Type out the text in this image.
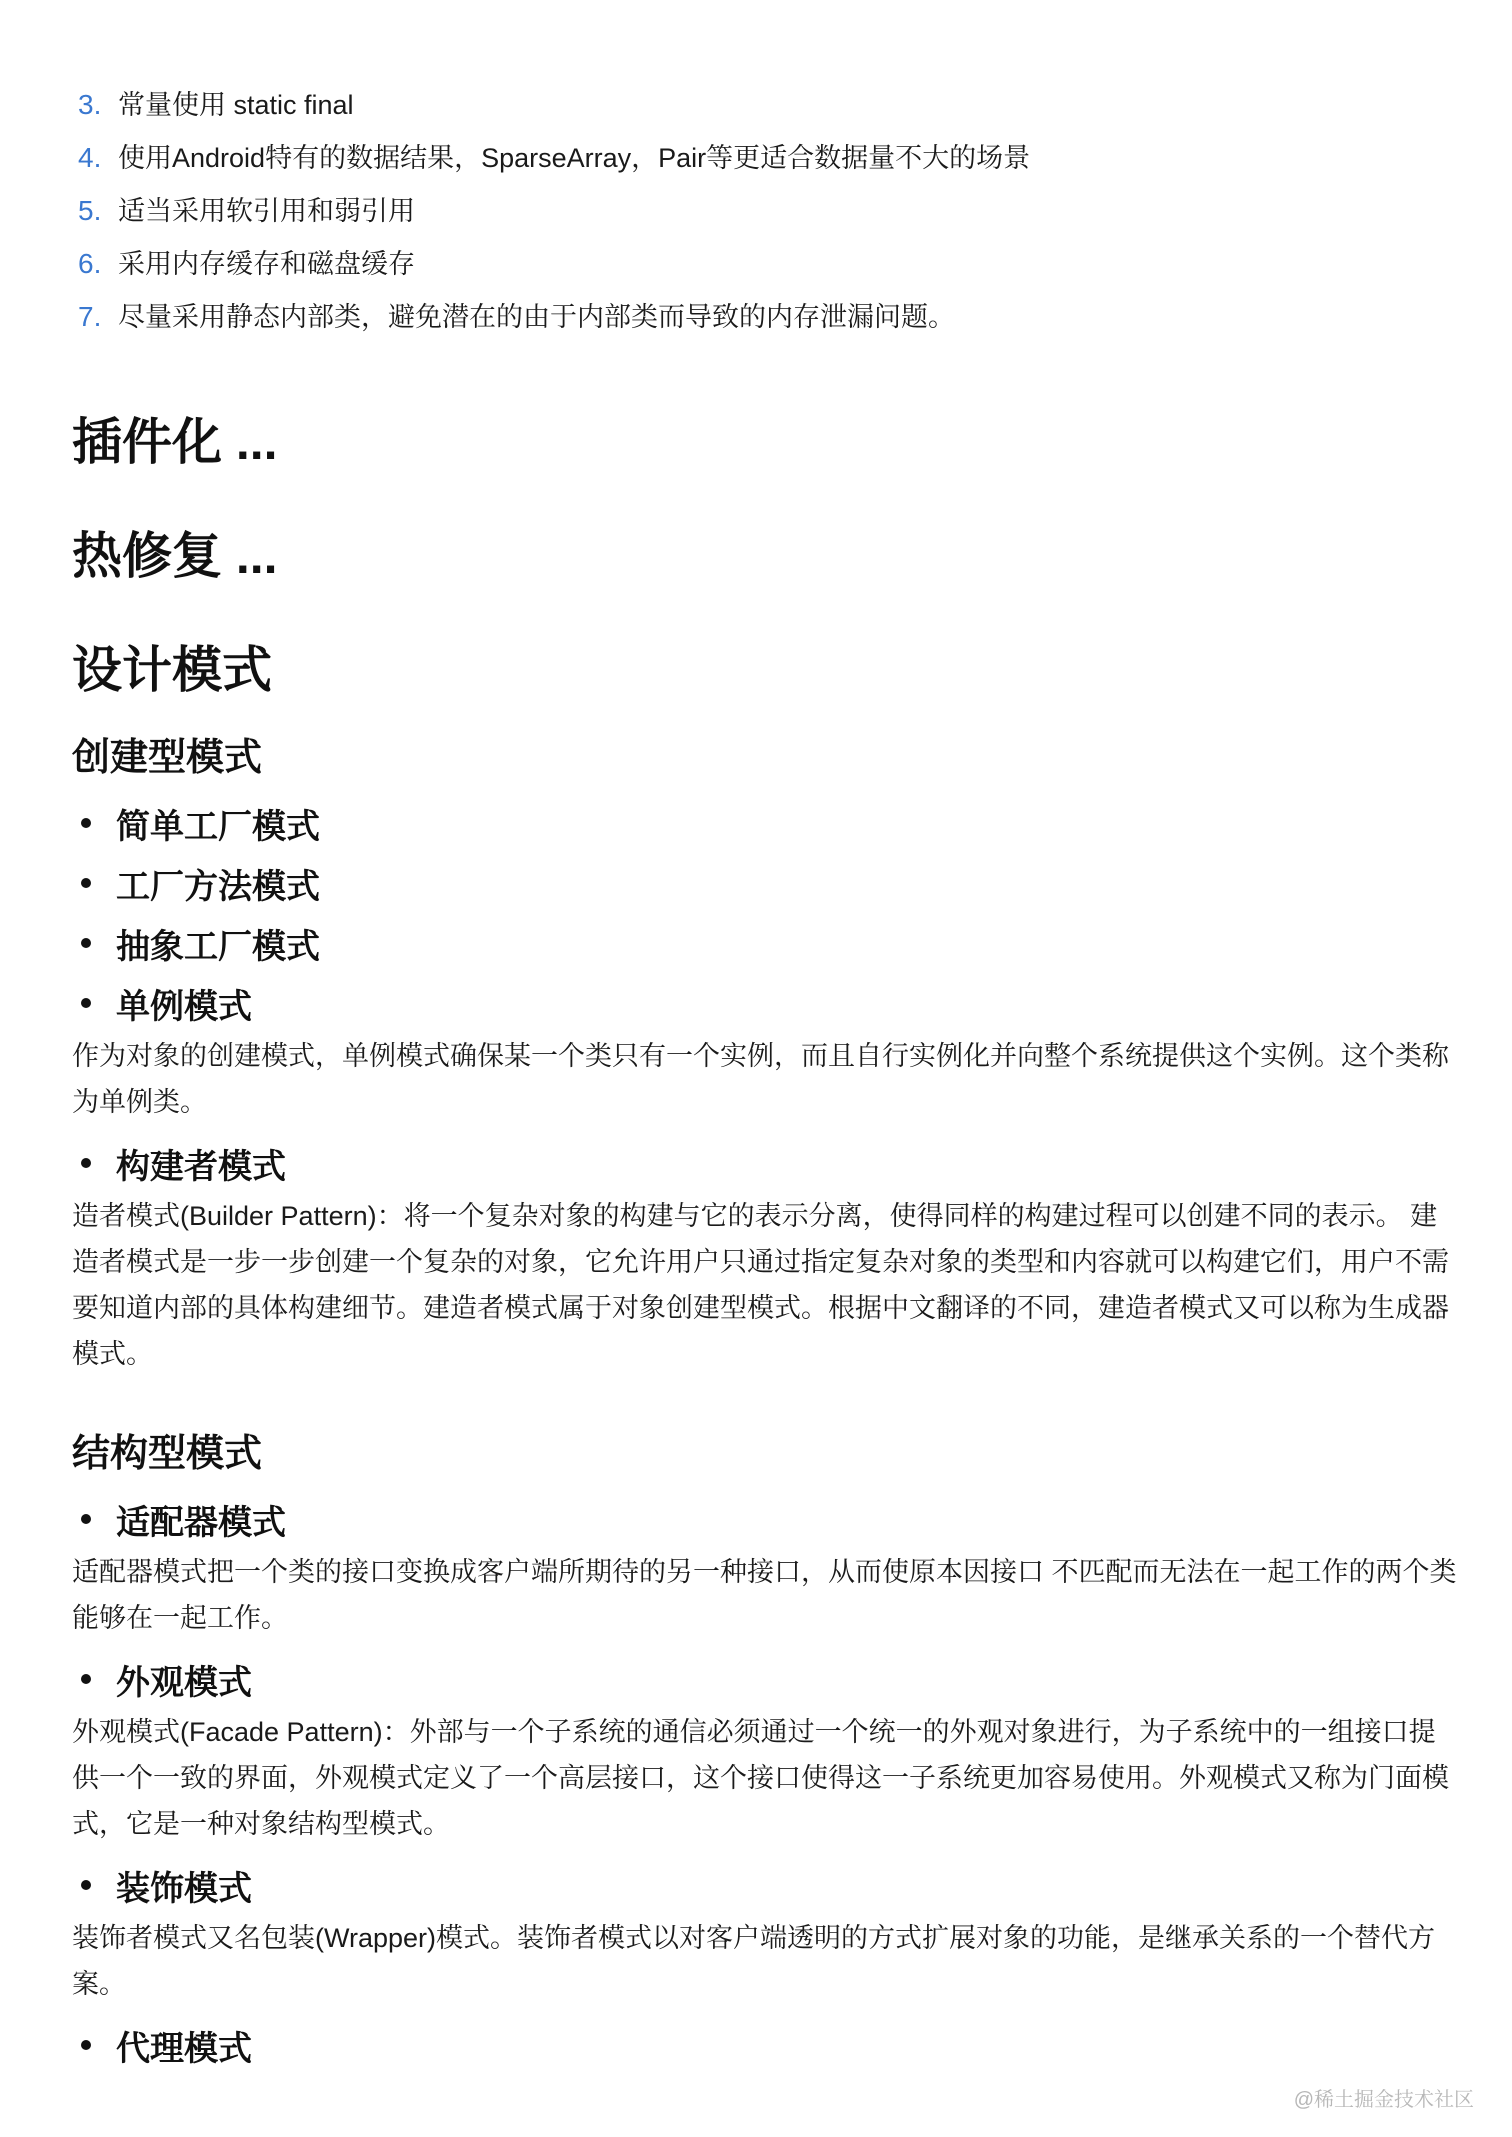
3. 常量使用 static final
4. 使用Android特有的数据结果，SparseArray，Pair等更适合数据量不大的场景
5. 适当采用软引用和弱引用
6. 采用内存缓存和磁盘缓存
7. 尽量采用静态内部类，避免潜在的由于内部类而导致的内存泄漏问题。
插件化 ...
热修复 ...
设计模式
创建型模式
简单工厂模式
工厂方法模式
抽象工厂模式
单例模式
作为对象的创建模式，单例模式确保某一个类只有一个实例，而且自行实例化并向整个系统提供这个实例。这个类称
为单例类。
构建者模式
造者模式(Builder Pattern)：将一个复杂对象的构建与它的表示分离，使得同样的构建过程可以创建不同的表示。 建
造者模式是一步一步创建一个复杂的对象，它允许用户只通过指定复杂对象的类型和内容就可以构建它们，用户不需
要知道内部的具体构建细节。建造者模式属于对象创建型模式。根据中文翻译的不同，建造者模式又可以称为生成器
模式。
结构型模式
适配器模式
适配器模式把一个类的接口变换成客户端所期待的另一种接口，从而使原本因接口 不匹配而无法在一起工作的两个类
能够在一起工作。
外观模式
外观模式(Facade Pattern)：外部与一个子系统的通信必须通过一个统一的外观对象进行，为子系统中的一组接口提
供一个一致的界面，外观模式定义了一个高层接口，这个接口使得这一子系统更加容易使用。外观模式又称为门面模
式，它是一种对象结构型模式。
装饰模式
装饰者模式又名包装(Wrapper)模式。装饰者模式以对客户端透明的方式扩展对象的功能，是继承关系的一个替代方
案。
代理模式
@稀土掘金技术社区
